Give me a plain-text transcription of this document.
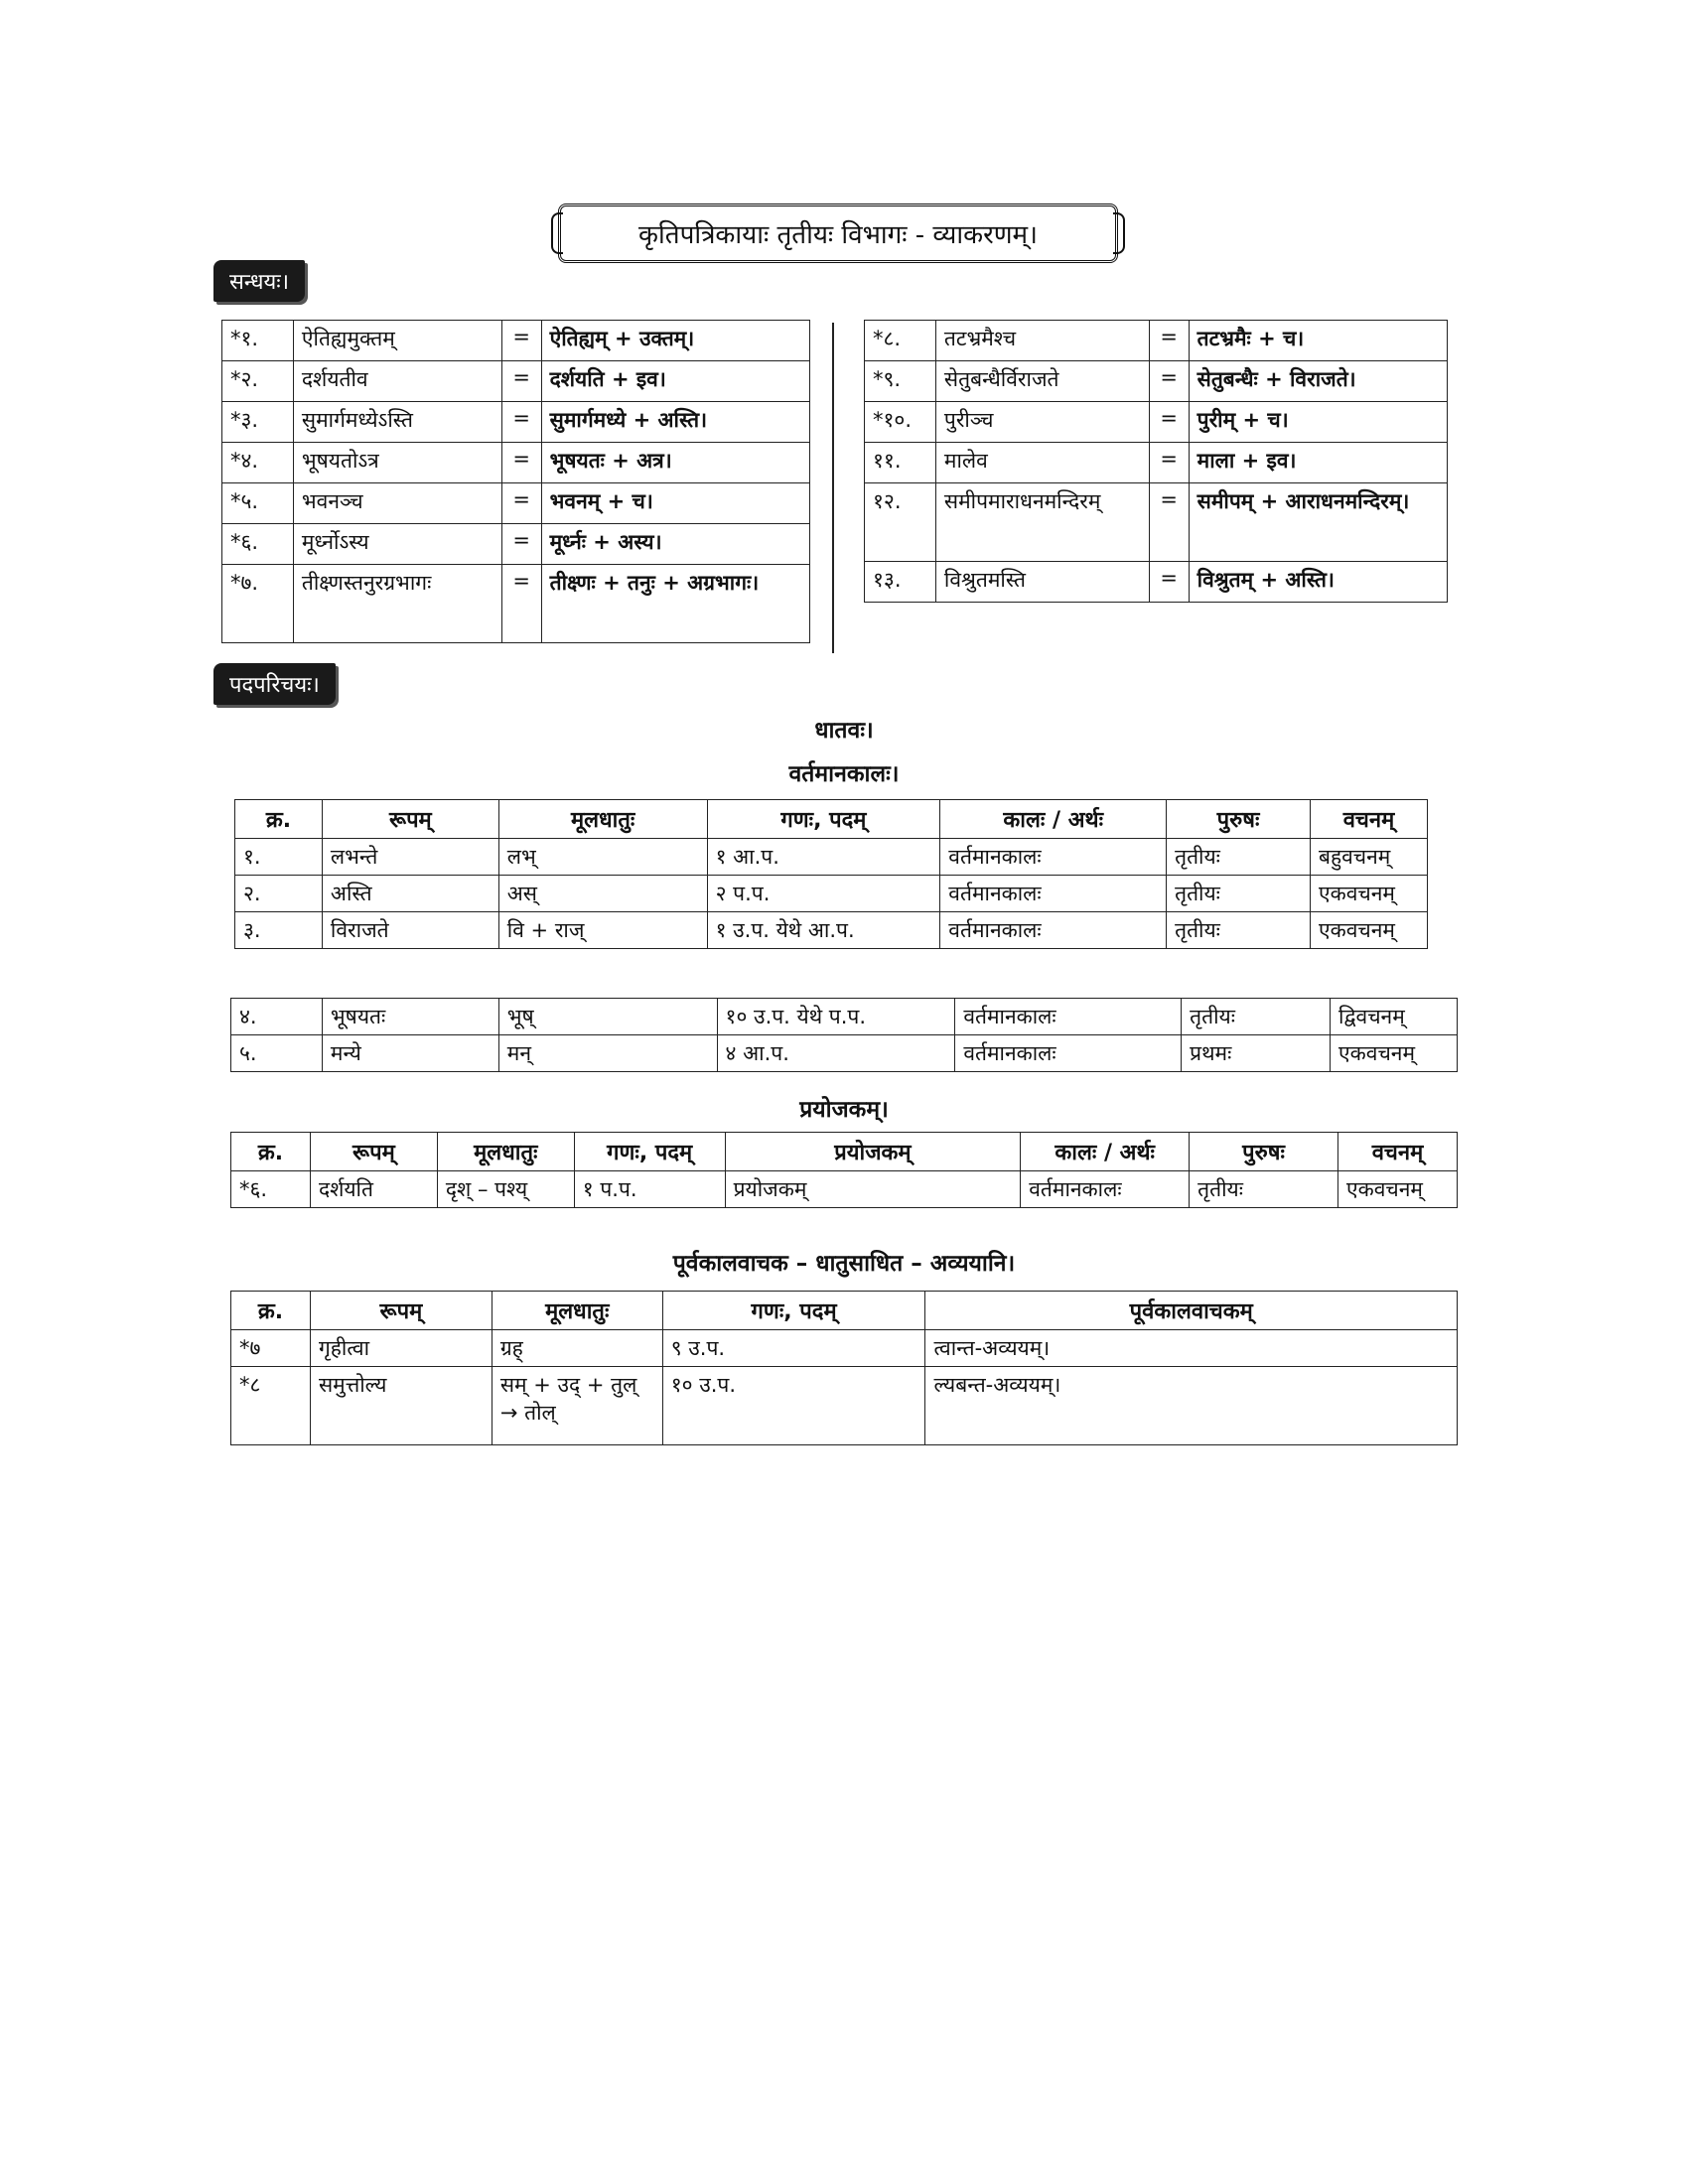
कृतिपत्रिकायाः तृतीयः विभागः - व्याकरणम्।
सन्धयः।
*१.	ऐतिह्यमुक्तम्	=	ऐतिह्यम् + उक्तम्।
*२.	दर्शयतीव	=	दर्शयति + इव।
*३.	सुमार्गमध्येऽस्ति	=	सुमार्गमध्ये + अस्ति।
*४.	भूषयतोऽत्र	=	भूषयतः + अत्र।
*५.	भवनञ्च	=	भवनम् + च।
*६.	मूर्ध्नोऽस्य	=	मूर्ध्नः + अस्य।
*७.	तीक्ष्णस्तनुरग्रभागः	=	तीक्ष्णः + तनुः + अग्रभागः।
*८.	तटभ्रमैश्च	=	तटभ्रमैः + च।
*९.	सेतुबन्धैर्विराजते	=	सेतुबन्धैः + विराजते।
*१०.	पुरीञ्च	=	पुरीम् + च।
११.	मालेव	=	माला + इव।
१२.	समीपमाराधनमन्दिरम्	=	समीपम् + आराधनमन्दिरम्।
१३.	विश्रुतमस्ति	=	विश्रुतम् + अस्ति।
पदपरिचयः।
धातवः।
वर्तमानकालः।
क्र.	रूपम्	मूलधातुः	गणः, पदम्	कालः / अर्थः	पुरुषः	वचनम्
१.	लभन्ते	लभ्	१ आ.प.	वर्तमानकालः	तृतीयः	बहुवचनम्
२.	अस्ति	अस्	२ प.प.	वर्तमानकालः	तृतीयः	एकवचनम्
३.	विराजते	वि + राज्	१ उ.प. येथे आ.प.	वर्तमानकालः	तृतीयः	एकवचनम्
४.	भूषयतः	भूष्	१० उ.प. येथे प.प.	वर्तमानकालः	तृतीयः	द्विवचनम्
५.	मन्ये	मन्	४ आ.प.	वर्तमानकालः	प्रथमः	एकवचनम्
प्रयोजकम्।
क्र.	रूपम्	मूलधातुः	गणः, पदम्	प्रयोजकम्	कालः / अर्थः	पुरुषः	वचनम्
*६.	दर्शयति	दृश् – पश्य्	१ प.प.	प्रयोजकम्	वर्तमानकालः	तृतीयः	एकवचनम्
पूर्वकालवाचक – धातुसाधित – अव्ययानि।
क्र.	रूपम्	मूलधातुः	गणः, पदम्	पूर्वकालवाचकम्
*७	गृहीत्वा	ग्रह्	९ उ.प.	त्वान्त-अव्ययम्।
*८	समुत्तोल्य	सम् + उद् + तुल् → तोल्	१० उ.प.	ल्यबन्त-अव्ययम्।
